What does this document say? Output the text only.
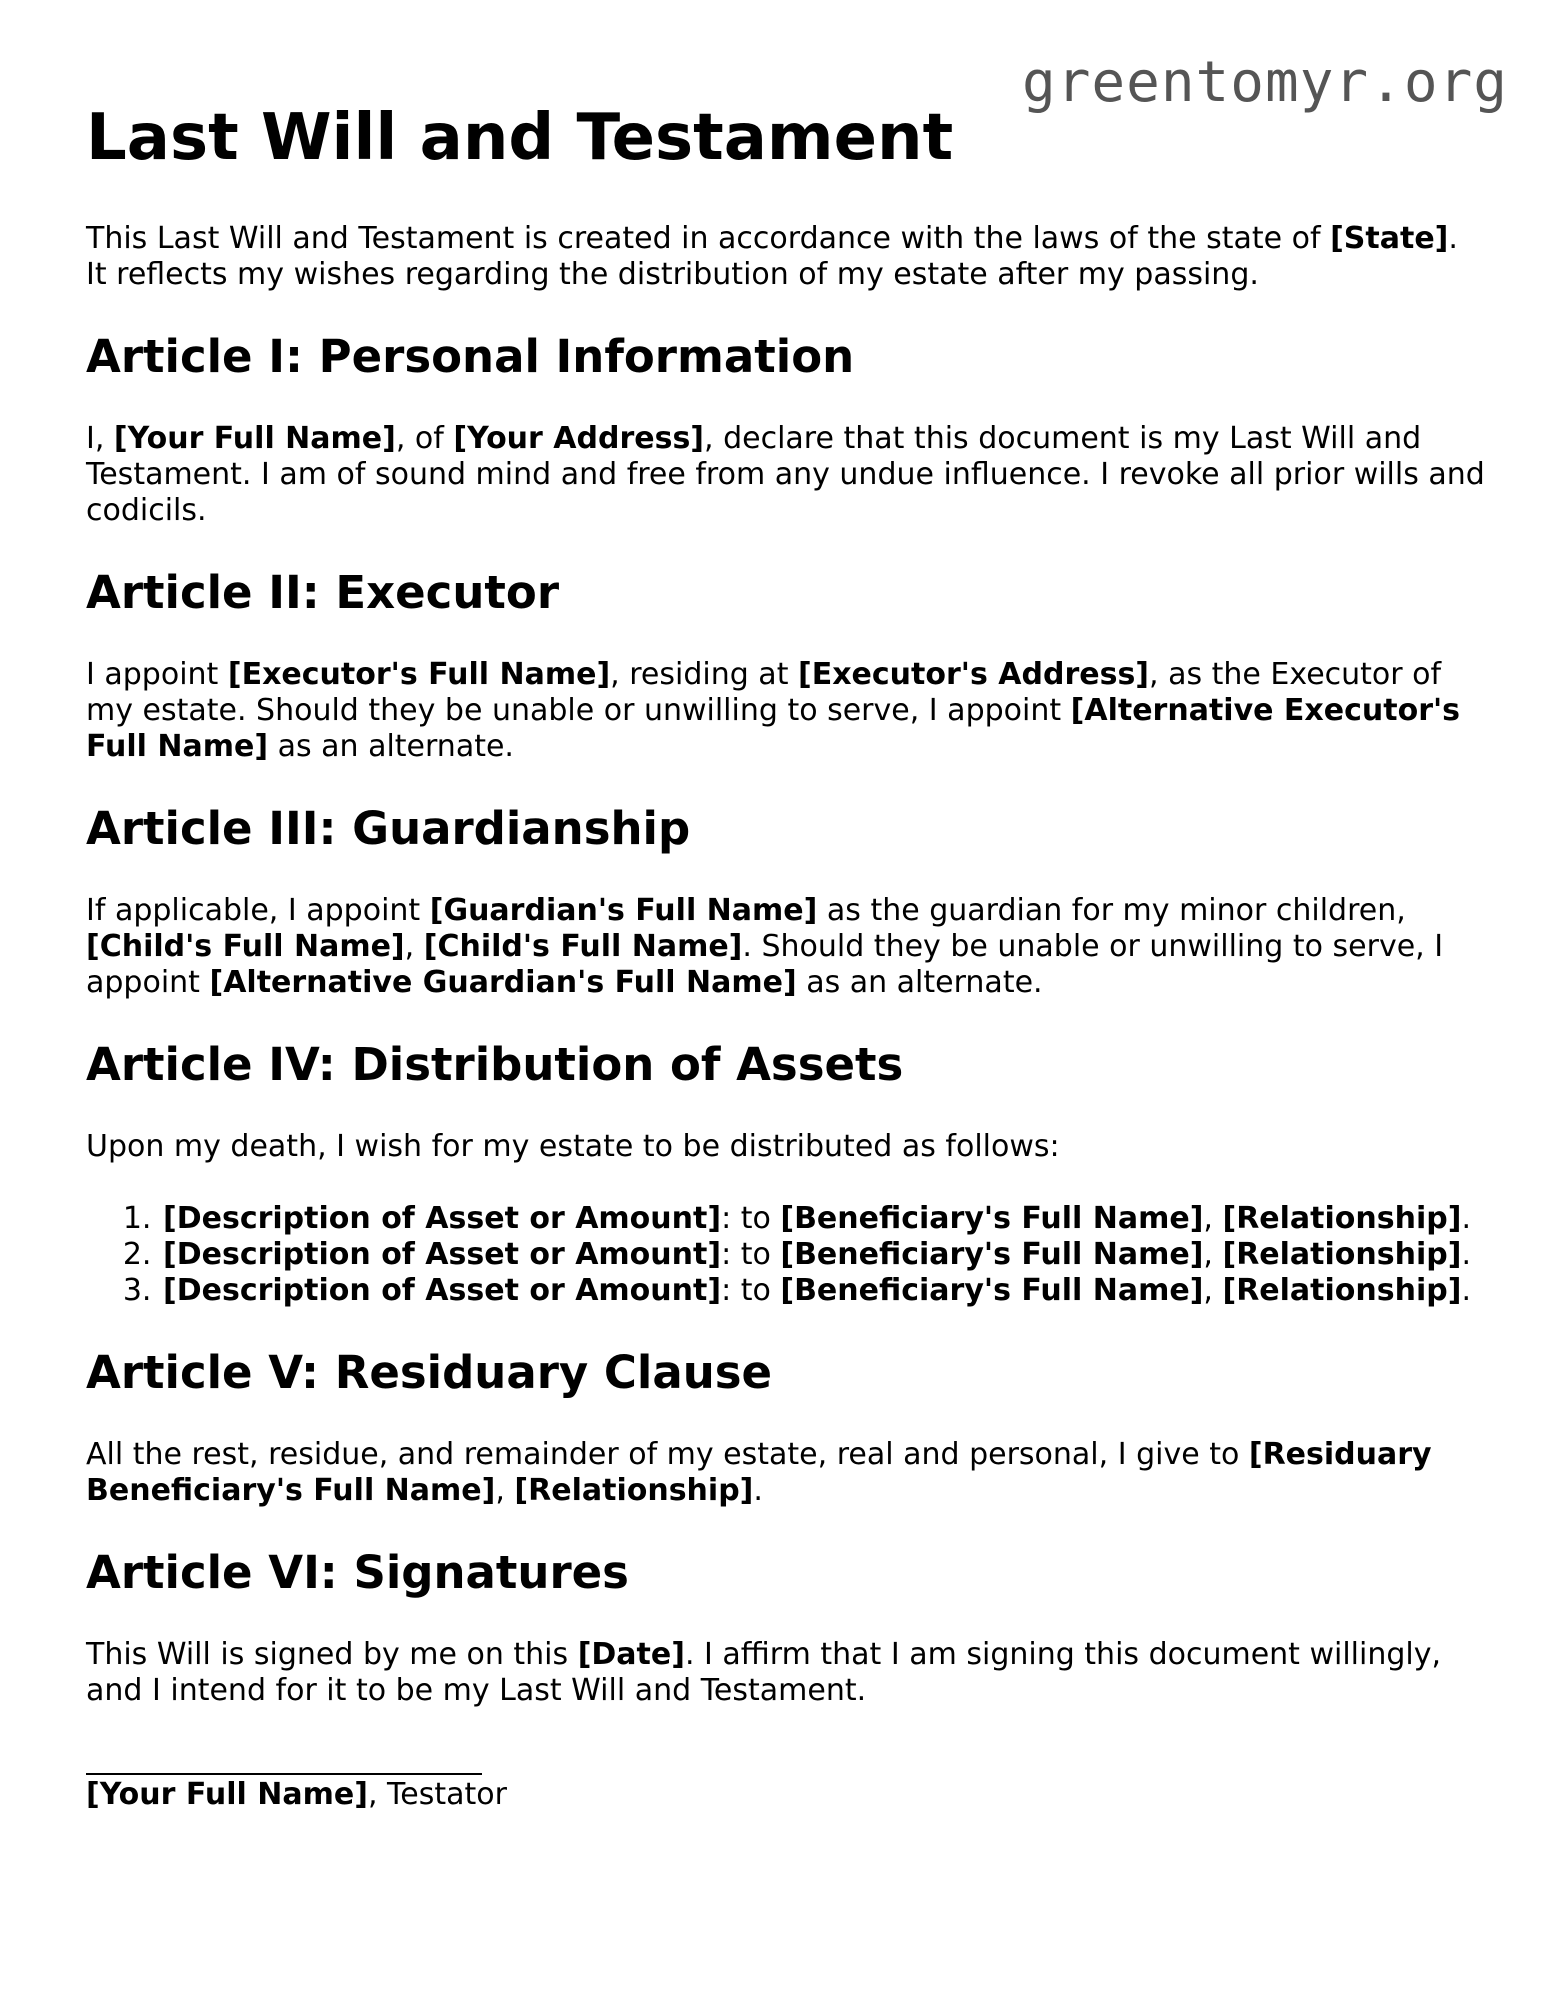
greentomyr.org
Last Will and Testament

This Last Will and Testament is created in accordance with the laws of the state of [State]. It reflects my wishes regarding the distribution of my estate after my passing.

Article I: Personal Information

I, [Your Full Name], of [Your Address], declare that this document is my Last Will and Testament. I am of sound mind and free from any undue influence. I revoke all prior wills and codicils.

Article II: Executor

I appoint [Executor's Full Name], residing at [Executor's Address], as the Executor of my estate. Should they be unable or unwilling to serve, I appoint [Alternative Executor's Full Name] as an alternate.

Article III: Guardianship

If applicable, I appoint [Guardian's Full Name] as the guardian for my minor children, [Child's Full Name], [Child's Full Name]. Should they be unable or unwilling to serve, I appoint [Alternative Guardian's Full Name] as an alternate.

Article IV: Distribution of Assets

Upon my death, I wish for my estate to be distributed as follows:

1. [Description of Asset or Amount]: to [Beneficiary's Full Name], [Relationship].
2. [Description of Asset or Amount]: to [Beneficiary's Full Name], [Relationship].
3. [Description of Asset or Amount]: to [Beneficiary's Full Name], [Relationship].
Article V: Residuary Clause

All the rest, residue, and remainder of my estate, real and personal, I give to [Residuary Beneficiary's Full Name], [Relationship].

Article VI: Signatures

This Will is signed by me on this [Date]. I affirm that I am signing this document willingly, and I intend for it to be my Last Will and Testament.

[Your Full Name], Testator
